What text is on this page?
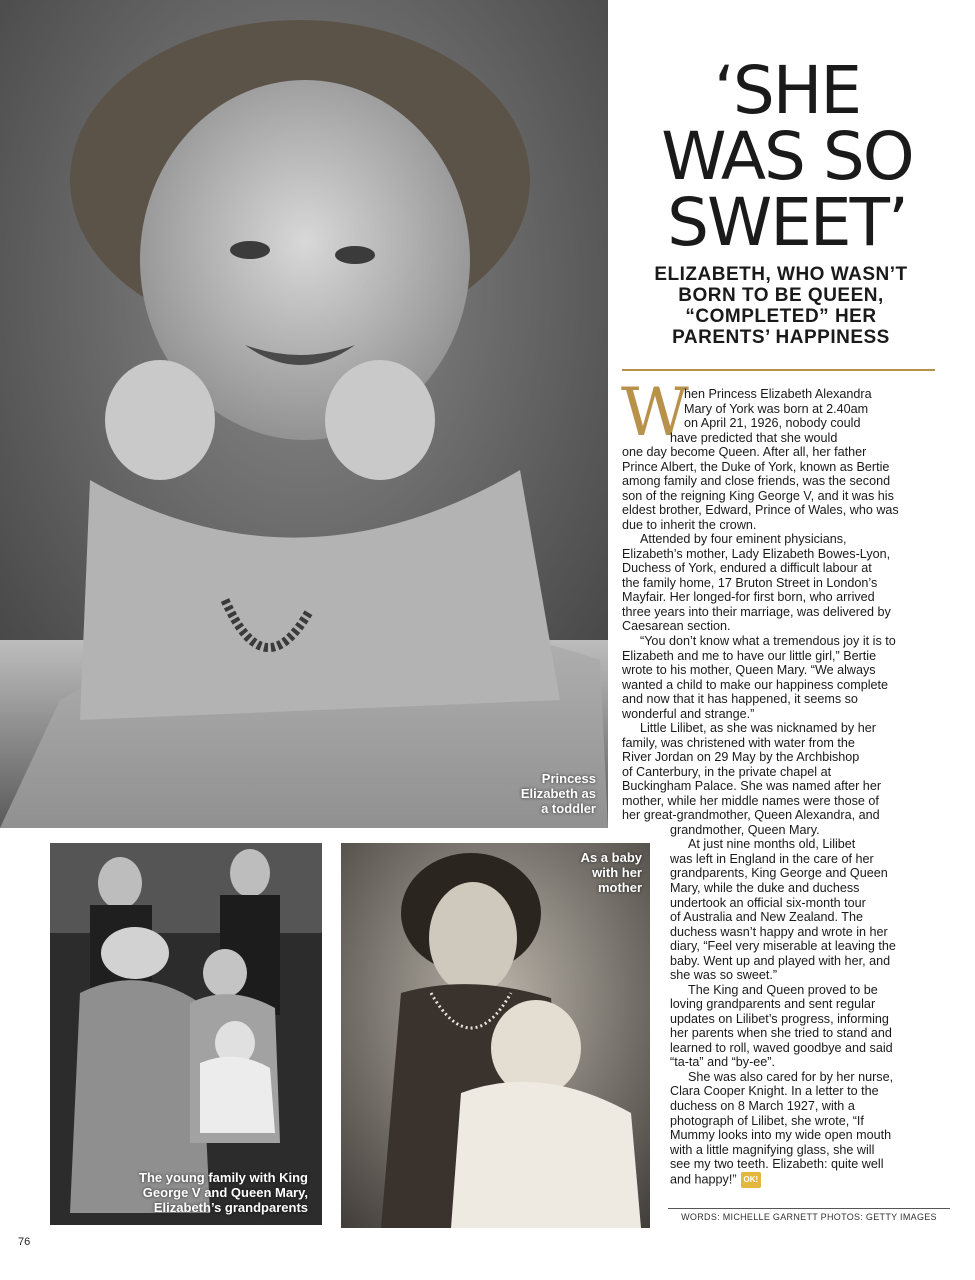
Princess
Elizabeth as
a toddler
The young family with King
George V and Queen Mary,
Elizabeth’s grandparents
As a baby
with her
mother
‘SHE
WAS SO
SWEET’
ELIZABETH, WHO WASN’T
BORN TO BE QUEEN,
“COMPLETED” HER
PARENTS’ HAPPINESS
W
hen Princess Elizabeth Alexandra
Mary of York was born at 2.40am
on April 21, 1926, nobody could
have predicted that she would
one day become Queen. After all, her father
Prince Albert, the Duke of York, known as Bertie
among family and close friends, was the second
son of the reigning King George V, and it was his
eldest brother, Edward, Prince of Wales, who was
due to inherit the crown.
Attended by four eminent physicians,
Elizabeth’s mother, Lady Elizabeth Bowes-Lyon,
Duchess of York, endured a difficult labour at
the family home, 17 Bruton Street in London’s
Mayfair. Her longed-for first born, who arrived
three years into their marriage, was delivered by
Caesarean section.
“You don’t know what a tremendous joy it is to
Elizabeth and me to have our little girl,” Bertie
wrote to his mother, Queen Mary. “We always
wanted a child to make our happiness complete
and now that it has happened, it seems so
wonderful and strange.”
Little Lilibet, as she was nicknamed by her
family, was christened with water from the
River Jordan on 29 May by the Archbishop
of Canterbury, in the private chapel at
Buckingham Palace. She was named after her
mother, while her middle names were those of
her great-grandmother, Queen Alexandra, and
grandmother, Queen Mary.
At just nine months old, Lilibet
was left in England in the care of her
grandparents, King George and Queen
Mary, while the duke and duchess
undertook an official six-month tour
of Australia and New Zealand. The
duchess wasn’t happy and wrote in her
diary, “Feel very miserable at leaving the
baby. Went up and played with her, and
she was so sweet.”
The King and Queen proved to be
loving grandparents and sent regular
updates on Lilibet’s progress, informing
her parents when she tried to stand and
learned to roll, waved goodbye and said
“ta-ta” and “by-ee”.
She was also cared for by her nurse,
Clara Cooper Knight. In a letter to the
duchess on 8 March 1927, with a
photograph of Lilibet, she wrote, “If
Mummy looks into my wide open mouth
with a little magnifying glass, she will
see my two teeth. Elizabeth: quite well
and happy!” OK!
WORDS: MICHELLE GARNETT PHOTOS: GETTY IMAGES
76
